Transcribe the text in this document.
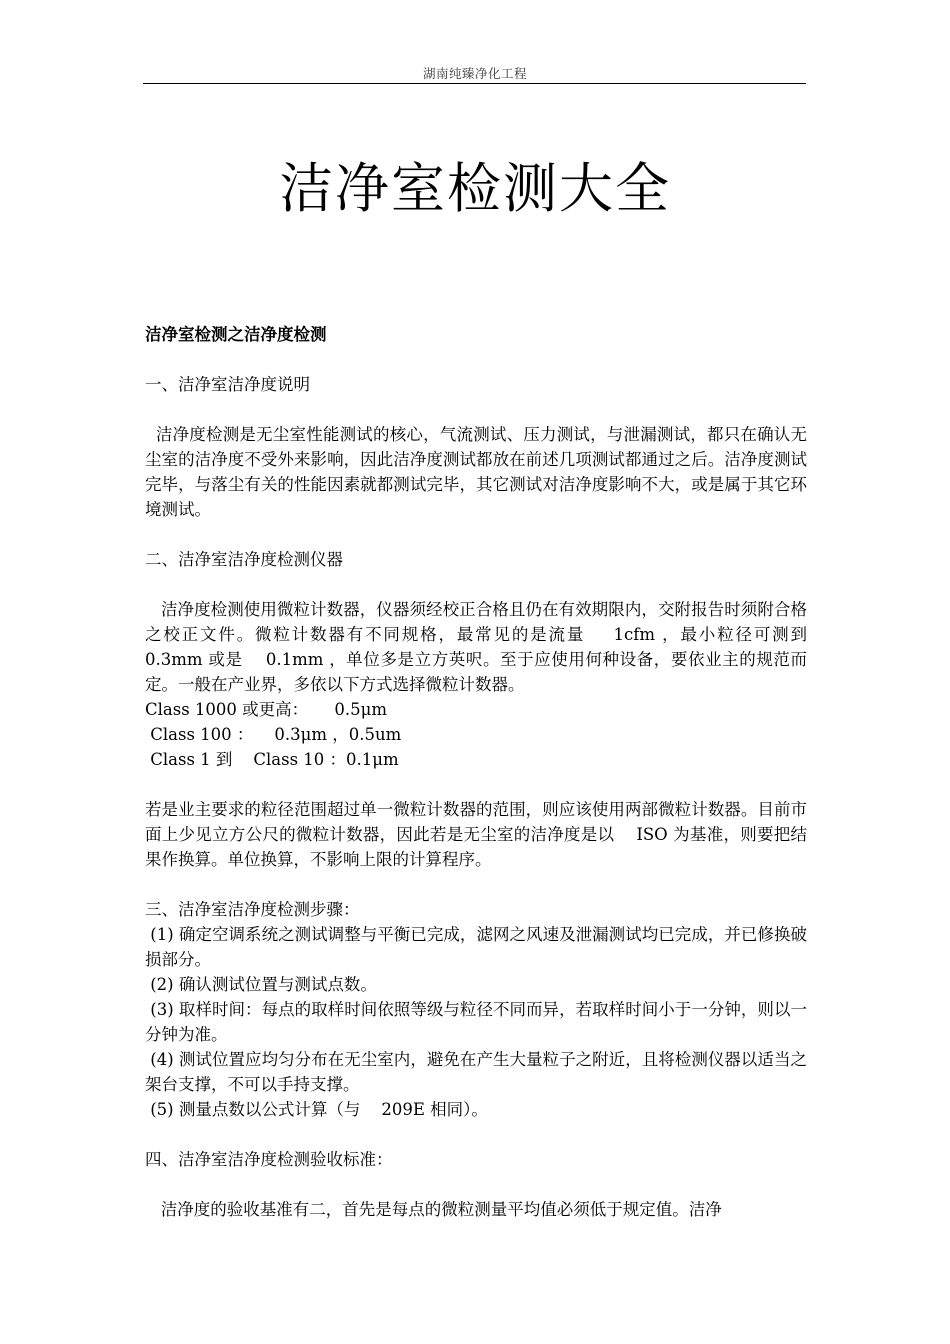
湖南纯臻净化工程
洁净室检测大全

洁净室检测之洁净度检测

一、洁净室洁净度说明

洁净度检测是无尘室性能测试的核心，气流测试、压力测试，与泄漏测试，都只在确认无尘室的洁净度不受外来影响，因此洁净度测试都放在前述几项测试都通过之后。洁净度测试完毕，与落尘有关的性能因素就都测试完毕，其它测试对洁净度影响不大，或是属于其它环境测试。

二、洁净室洁净度检测仪器

洁净度检测使用微粒计数器，仪器须经校正合格且仍在有效期限内，交附报告时须附合格之校正文件。微粒计数器有不同规格，最常见的是流量    1cfm ，最小粒径可测到    0.3mm 或是    0.1mm ，单位多是立方英呎。至于应使用何种设备，要依业主的规范而定。一般在产业界，多依以下方式选择微粒计数器。

Class 1000 或更高：     0.5μm

Class 100 ：    0.3μm ，0.5um

Class 1 到    Class 10 ：0.1μm

若是业主要求的粒径范围超过单一微粒计数器的范围，则应该使用两部微粒计数器。目前市面上少见立方公尺的微粒计数器，因此若是无尘室的洁净度是以    ISO 为基准，则要把结果作换算。单位换算，不影响上限的计算程序。

三、洁净室洁净度检测步骤：

(1) 确定空调系统之测试调整与平衡已完成，滤网之风速及泄漏测试均已完成，并已修换破损部分。

(2) 确认测试位置与测试点数。

(3) 取样时间：每点的取样时间依照等级与粒径不同而异，若取样时间小于一分钟，则以一分钟为准。

(4) 测试位置应均匀分布在无尘室内，避免在产生大量粒子之附近，且将检测仪器以适当之架台支撑，不可以手持支撑。

(5) 测量点数以公式计算（与    209E 相同）。

四、洁净室洁净度检测验收标准：

洁净度的验收基准有二，首先是每点的微粒测量平均值必须低于规定值。洁净
